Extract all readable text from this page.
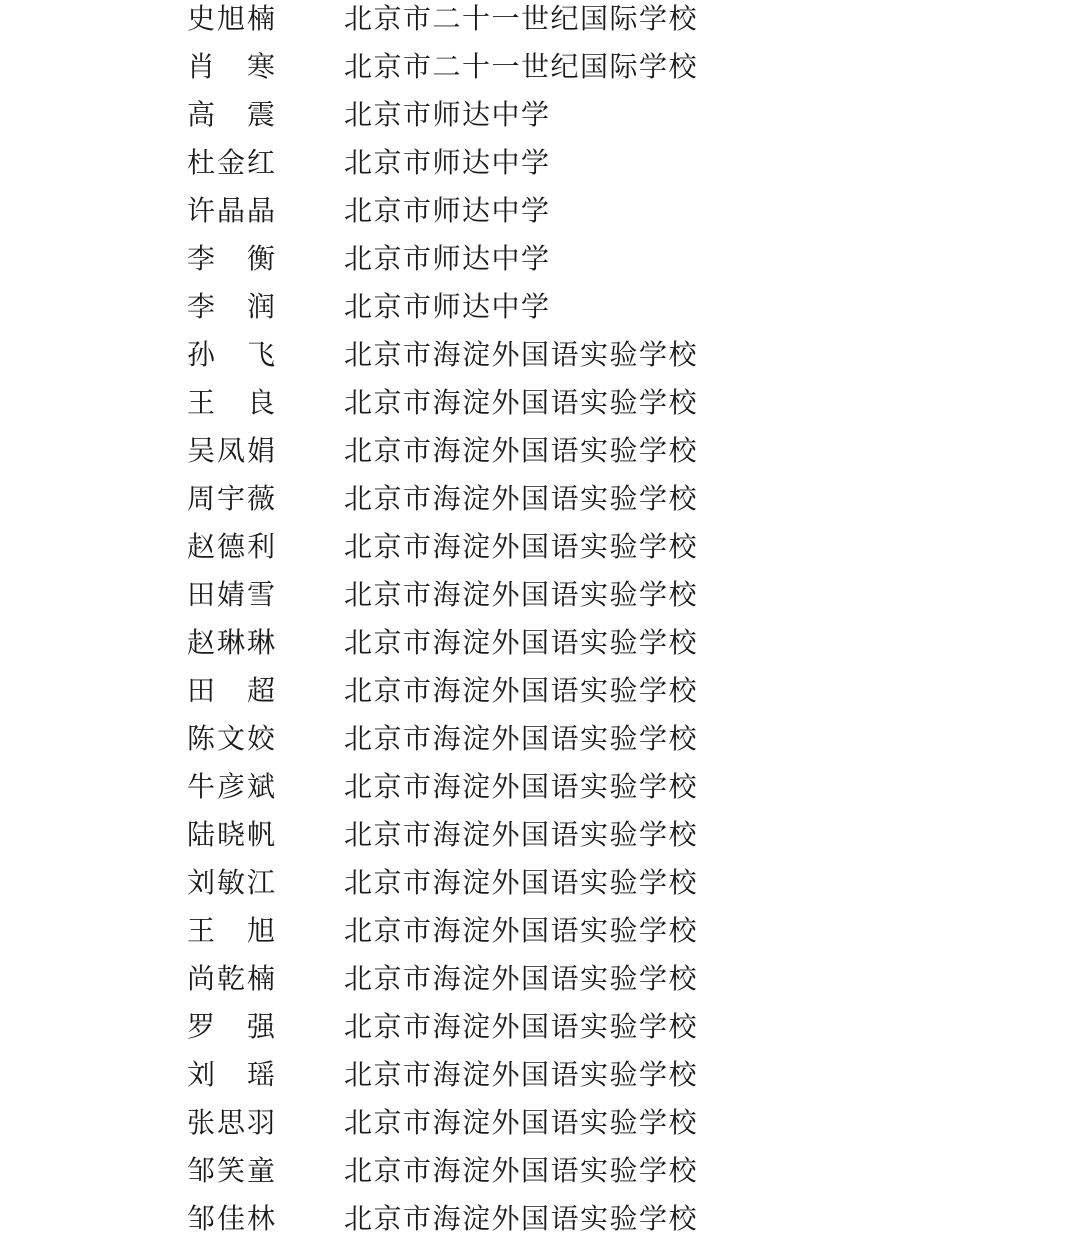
史旭楠 北京市二十一世纪国际学校
肖 寒 北京市二十一世纪国际学校
高 震 北京市师达中学
杜金红 北京市师达中学
许晶晶 北京市师达中学
李 衡 北京市师达中学
李 润 北京市师达中学
孙 飞 北京市海淀外国语实验学校
王 良 北京市海淀外国语实验学校
吴凤娟 北京市海淀外国语实验学校
周宇薇 北京市海淀外国语实验学校
赵德利 北京市海淀外国语实验学校
田婧雪 北京市海淀外国语实验学校
赵琳琳 北京市海淀外国语实验学校
田 超 北京市海淀外国语实验学校
陈文姣 北京市海淀外国语实验学校
牛彦斌 北京市海淀外国语实验学校
陆晓帆 北京市海淀外国语实验学校
刘敏江 北京市海淀外国语实验学校
王 旭 北京市海淀外国语实验学校
尚乾楠 北京市海淀外国语实验学校
罗 强 北京市海淀外国语实验学校
刘 瑶 北京市海淀外国语实验学校
张思羽 北京市海淀外国语实验学校
邹笑童 北京市海淀外国语实验学校
邹佳林 北京市海淀外国语实验学校
